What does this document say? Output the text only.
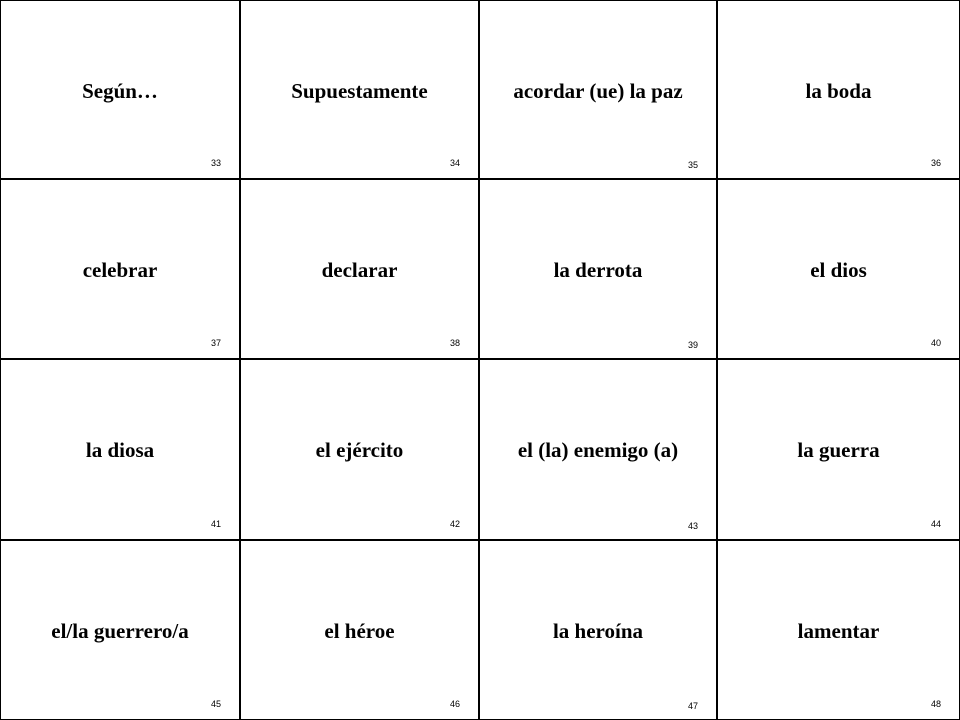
Según…
33
Supuestamente
34
acordar (ue) la paz
35
la boda
36
celebrar
37
declarar
38
la derrota
39
el dios
40
la diosa
41
el ejército
42
el (la) enemigo (a)
43
la guerra
44
el/la guerrero/a
45
el héroe
46
la heroína
47
lamentar
48
